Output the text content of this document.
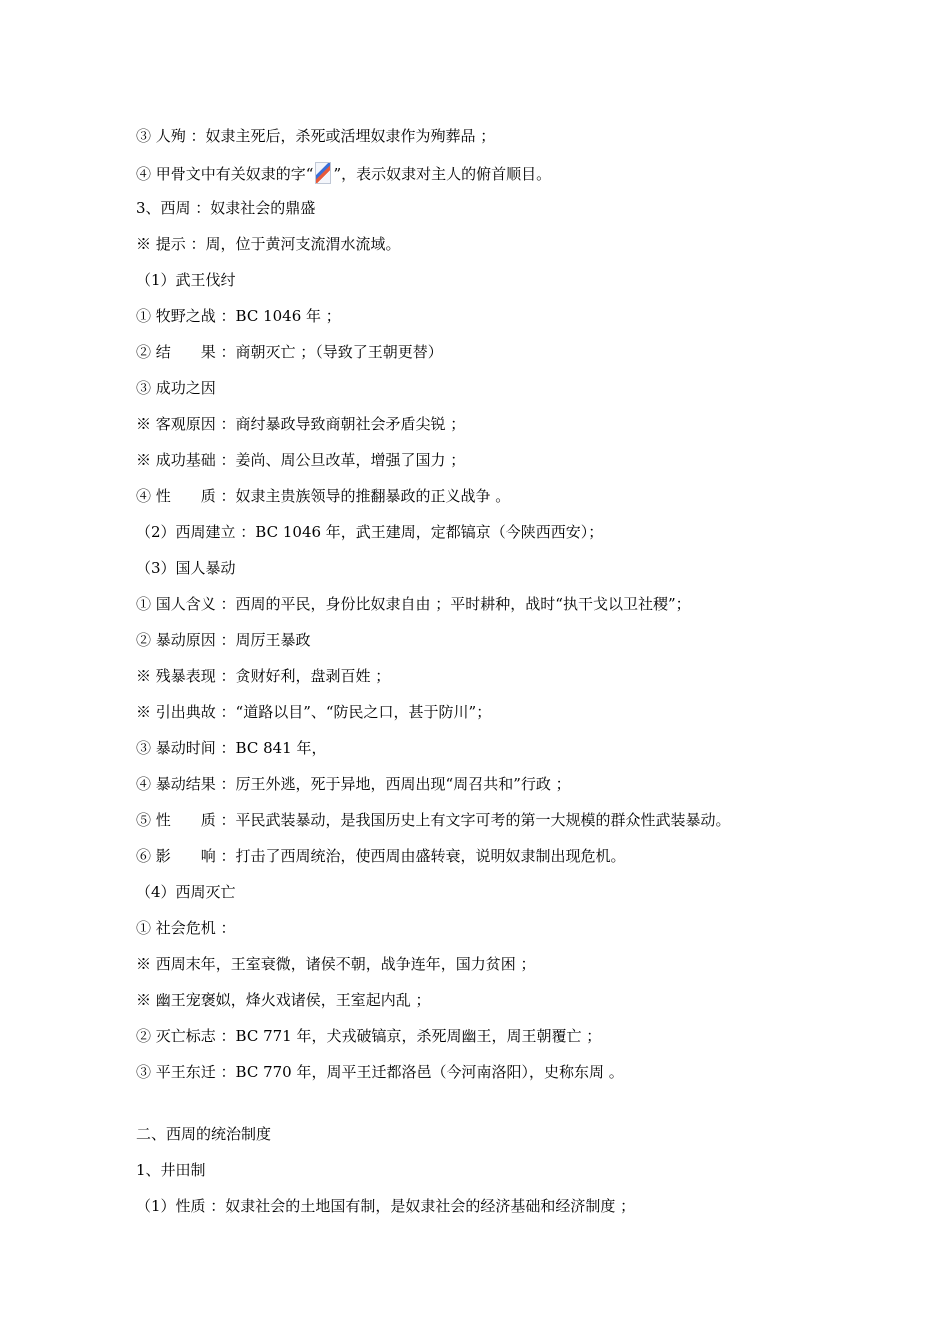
③ 人殉 ：奴隶主死后，杀死或活埋奴隶作为殉葬品 ；
④ 甲骨文中有关奴隶的字“ ”，表示奴隶对主人的俯首顺目。
3、西周 ：奴隶社会的鼎盛
※ 提示 ：周，位于黄河支流渭水流域。
（1）武王伐纣
① 牧野之战 ：BC 1046 年 ；
② 结　　果 ：商朝灭亡 ；（导致了王朝更替）
③ 成功之因
※ 客观原因 ：商纣暴政导致商朝社会矛盾尖锐 ；
※ 成功基础 ：姜尚、周公旦改革，增强了国力 ；
④ 性　　质 ：奴隶主贵族领导的推翻暴政的正义战争 。
（2）西周建立 ：BC 1046 年，武王建周，定都镐京（今陕西西安）；
（3）国人暴动
① 国人含义 ：西周的平民，身份比奴隶自由 ；平时耕种，战时“执干戈以卫社稷”；
② 暴动原因 ：周厉王暴政
※ 残暴表现 ：贪财好利，盘剥百姓 ；
※ 引出典故 ：“道路以目”、“防民之口，甚于防川”；
③ 暴动时间 ：BC 841 年，
④ 暴动结果 ：厉王外逃，死于异地，西周出现“周召共和”行政 ；
⑤ 性　　质 ：平民武装暴动，是我国历史上有文字可考的第一大规模的群众性武装暴动。
⑥ 影　　响 ：打击了西周统治，使西周由盛转衰，说明奴隶制出现危机。
（4）西周灭亡
① 社会危机 ：
※ 西周末年，王室衰微，诸侯不朝，战争连年，国力贫困 ；
※ 幽王宠褒姒，烽火戏诸侯，王室起内乱 ；
② 灭亡标志 ：BC 771 年，犬戎破镐京，杀死周幽王，周王朝覆亡 ；
③ 平王东迁 ：BC 770 年，周平王迁都洛邑（今河南洛阳），史称东周 。
二、西周的统治制度
1、井田制
（1）性质 ：奴隶社会的土地国有制，是奴隶社会的经济基础和经济制度 ；
